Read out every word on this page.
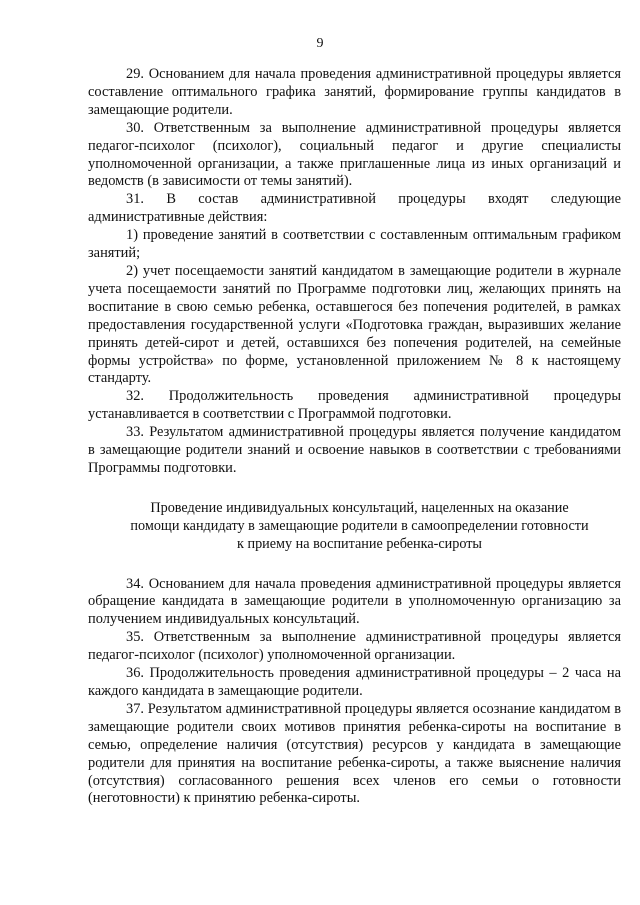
9

29. Основанием для начала проведения административной процедуры является составление оптимального графика занятий, формирование группы кандидатов в замещающие родители.

30. Ответственным за выполнение административной процедуры является педагог-психолог (психолог), социальный педагог и другие специалисты уполномоченной организации, а также приглашенные лица из иных организаций и ведомств (в зависимости от темы занятий).

31. В состав административной процедуры входят следующие административные действия:

1) проведение занятий в соответствии с составленным оптимальным графиком занятий;

2) учет посещаемости занятий кандидатом в замещающие родители в журнале учета посещаемости занятий по Программе подготовки лиц, желающих принять на воспитание в свою семью ребенка, оставшегося без попечения родителей, в рамках предоставления государственной услуги «Подготовка граждан, выразивших желание принять детей-сирот и детей, оставшихся без попечения родителей, на семейные формы устройства» по форме, установленной приложением № 8 к настоящему стандарту.

32. Продолжительность проведения административной процедуры устанавливается в соответствии с Программой подготовки.

33. Результатом административной процедуры является получение кандидатом в замещающие родители знаний и освоение навыков в соответствии с требованиями Программы подготовки.

Проведение индивидуальных консультаций, нацеленных на оказание
помощи кандидату в замещающие родители в самоопределении готовности
к приему на воспитание ребенка-сироты

34. Основанием для начала проведения административной процедуры является обращение кандидата в замещающие родители в уполномоченную организацию за получением индивидуальных консультаций.

35. Ответственным за выполнение административной процедуры является педагог-психолог (психолог) уполномоченной организации.

36. Продолжительность проведения административной процедуры – 2 часа на каждого кандидата в замещающие родители.

37. Результатом административной процедуры является осознание кандидатом в замещающие родители своих мотивов принятия ребенка-сироты на воспитание в семью, определение наличия (отсутствия) ресурсов у кандидата в замещающие родители для принятия на воспитание ребенка-сироты, а также выяснение наличия (отсутствия) согласованного решения всех членов его семьи о готовности (неготовности) к принятию ребенка-сироты.
